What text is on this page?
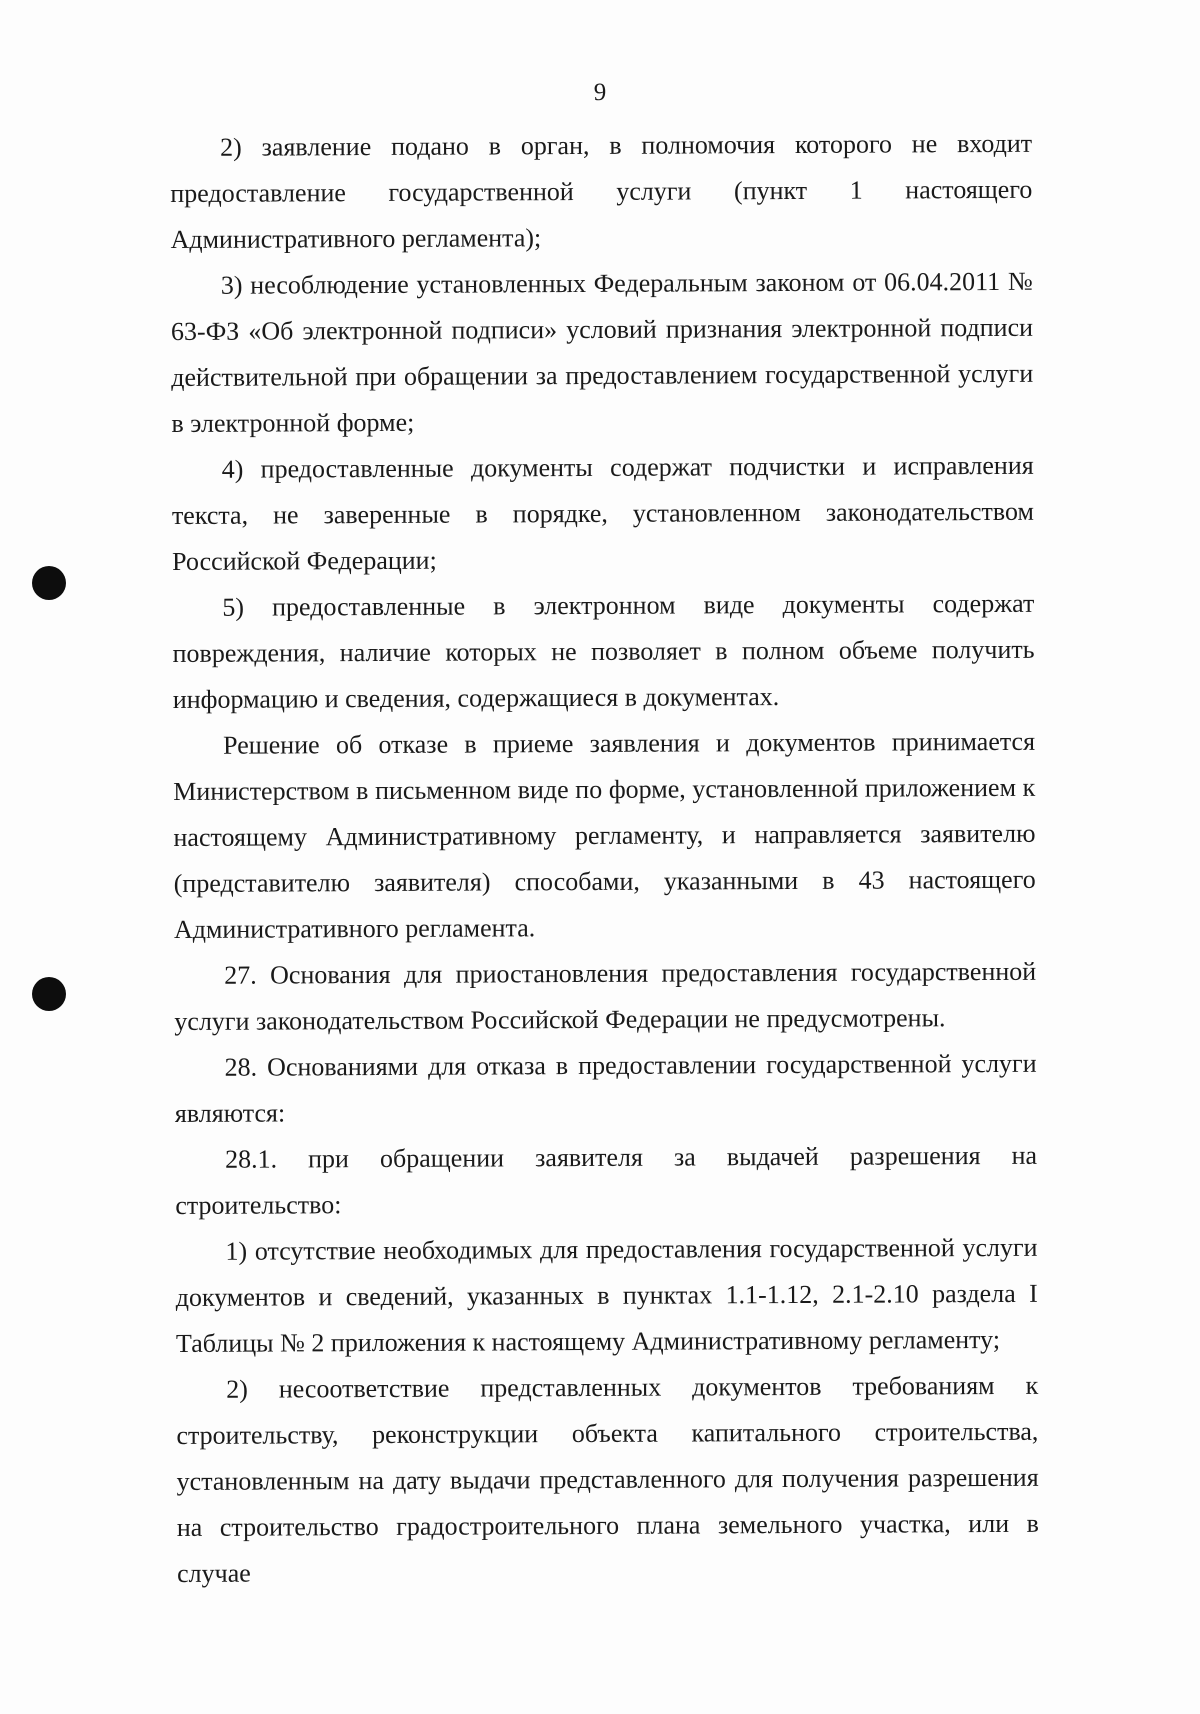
9

2) заявление подано в орган, в полномочия которого не входит предоставление государственной услуги (пункт 1 настоящего Административного регламента);

3) несоблюдение установленных Федеральным законом от 06.04.2011 № 63-ФЗ «Об электронной подписи» условий признания электронной подписи действительной при обращении за предоставлением государственной услуги в электронной форме;

4) предоставленные документы содержат подчистки и исправления текста, не заверенные в порядке, установленном законодательством Российской Федерации;

5) предоставленные в электронном виде документы содержат повреждения, наличие которых не позволяет в полном объеме получить информацию и сведения, содержащиеся в документах.

Решение об отказе в приеме заявления и документов принимается Министерством в письменном виде по форме, установленной приложением к настоящему Административному регламенту, и направляется заявителю (представителю заявителя) способами, указанными в 43 настоящего Административного регламента.

27. Основания для приостановления предоставления государственной услуги законодательством Российской Федерации не предусмотрены.

28. Основаниями для отказа в предоставлении государственной услуги являются:

28.1. при обращении заявителя за выдачей разрешения на строительство:

1) отсутствие необходимых для предоставления государственной услуги документов и сведений, указанных в пунктах 1.1-1.12, 2.1-2.10 раздела I Таблицы № 2 приложения к настоящему Административному регламенту;

2) несоответствие представленных документов требованиям к строительству, реконструкции объекта капитального строительства, установленным на дату выдачи представленного для получения разрешения на строительство градостроительного плана земельного участка, или в случае
